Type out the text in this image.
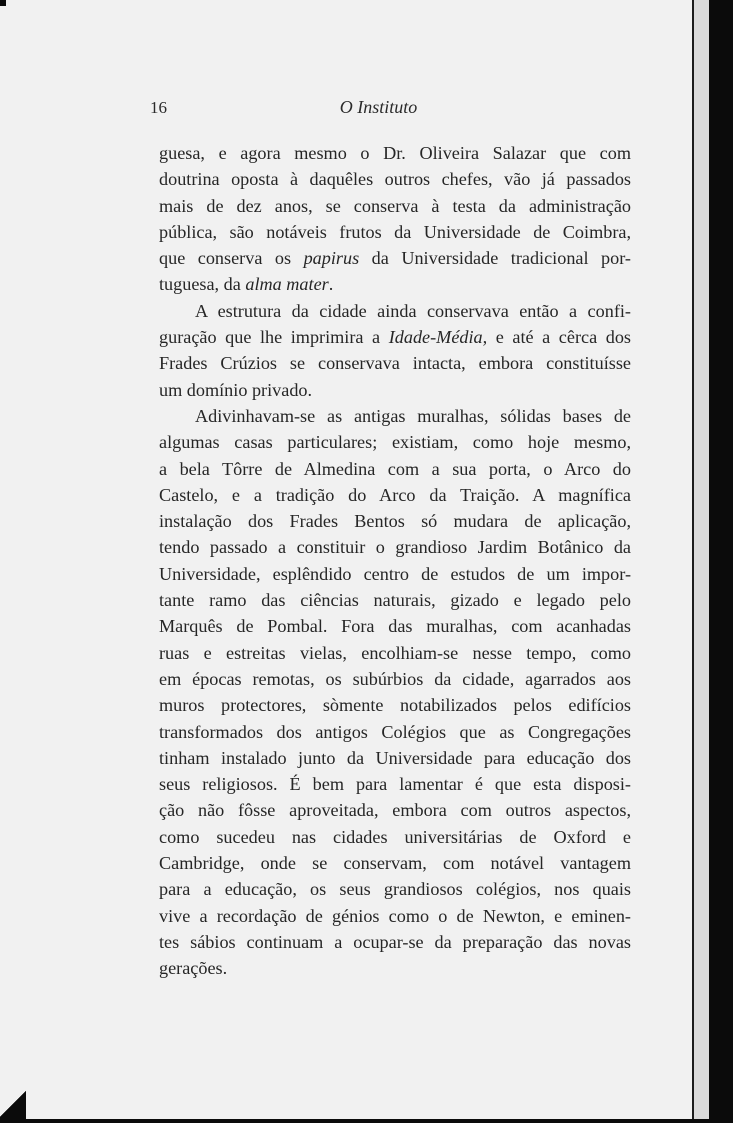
16	O Instituto

guesa, e agora mesmo o Dr. Oliveira Salazar que com
doutrina oposta à daquêles outros chefes, vão já passados
mais de dez anos, se conserva à testa da administração
pública, são notáveis frutos da Universidade de Coimbra,
que conserva os papirus da Universidade tradicional por-
tuguesa, da alma mater.

A estrutura da cidade ainda conservava então a confi-
guração que lhe imprimira a Idade-Média, e até a cêrca dos
Frades Crúzios se conservava intacta, embora constituísse
um domínio privado.

Adivinhavam-se as antigas muralhas, sólidas bases de
algumas casas particulares; existiam, como hoje mesmo,
a bela Tôrre de Almedina com a sua porta, o Arco do
Castelo, e a tradição do Arco da Traição. A magnífica
instalação dos Frades Bentos só mudara de aplicação,
tendo passado a constituir o grandioso Jardim Botânico da
Universidade, esplêndido centro de estudos de um impor-
tante ramo das ciências naturais, gizado e legado pelo
Marquês de Pombal. Fora das muralhas, com acanhadas
ruas e estreitas vielas, encolhiam-se nesse tempo, como
em épocas remotas, os subúrbios da cidade, agarrados aos
muros protectores, sòmente notabilizados pelos edifícios
transformados dos antigos Colégios que as Congregações
tinham instalado junto da Universidade para educação dos
seus religiosos. É bem para lamentar é que esta disposi-
ção não fôsse aproveitada, embora com outros aspectos,
como sucedeu nas cidades universitárias de Oxford e
Cambridge, onde se conservam, com notável vantagem
para a educação, os seus grandiosos colégios, nos quais
vive a recordação de génios como o de Newton, e eminen-
tes sábios continuam a ocupar-se da preparação das novas
gerações.
